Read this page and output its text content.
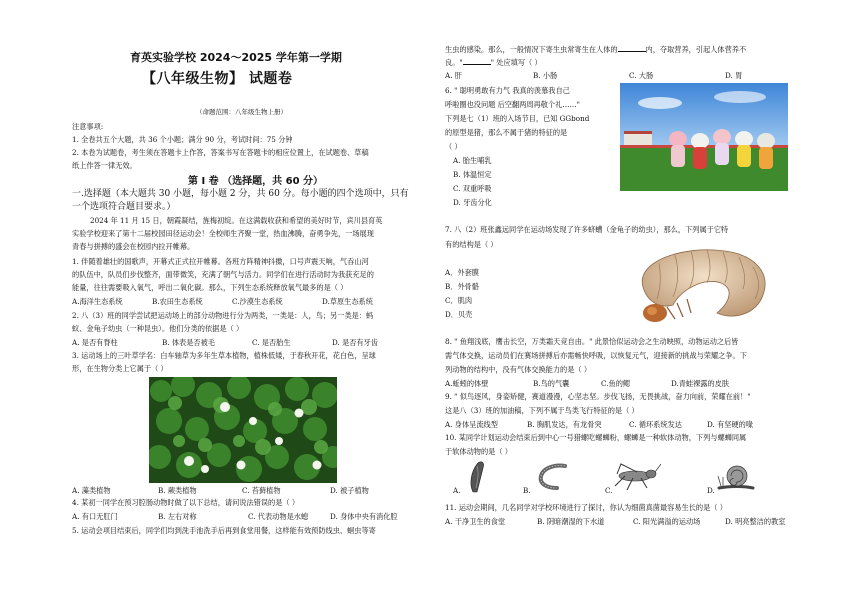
育英实验学校 2024～2025 学年第一学期
【八年级生物】 试题卷
（命题范围：八年级生物上册）
注意事项:
1. 全卷共五个大题，共 36 个小题；满分 90 分，考试时间：75 分钟
2. 本卷为试题卷，考生须在答题卡上作答，答案书写在答题卡的相应位置上，在试题卷、草稿
纸上作答一律无效。
第 I 卷 （选择题，共 60 分）
一.选择题（本大题共 30 小题，每小题 2 分，共 60 分。每小题的四个选项中，只有
一个选项符合题目要求。）
2024 年 11 月 15 日，朝霞凝结，旌梅初绽。在这满载收获和希望的美好时节，宾川县育英
实验学校迎来了第十二届校园田径运动会！全校师生齐聚一堂，热血沸腾，奋勇争先，一场展现
青春与拼搏的盛会在校园内拉开帷幕。
1. 伴随着雄壮的国歌声，开幕式正式拉开帷幕。各班方阵精神抖擞，口号声震天响，气吞山河
的队伍中，队员们步伐整齐，面带微笑，充满了朝气与活力。同学们在进行活动时为我获充足的
能量，往往需要吸入氧气，呼出二氧化碳。那么，下列生态系统释放氧气最多的是（ ）
A.海洋生态系统	B.农田生态系统	C.沙漠生态系统	D.草原生态系统
2. 八（3）班的同学尝试把运动场上的部分动物进行分为两类，一类是：人，鸟；另一类是：蚂
蚁、金龟子幼虫（一种昆虫）。他们分类的依据是（ ）
A. 是否有脊柱	B. 体表是否被毛	C. 是否胎生	D. 是否有牙齿
3. 运动场上的三叶草学名：白车轴草为多年生草本植物，植株低矮，于春秋开花，花白色，呈球
形，在生物分类上它属于（ ）
A. 藻类植物	B. 蕨类植物	C. 苔藓植物	D. 被子植物
4. 某初一同学在预习腔肠动物时做了以下总结，请问说法错误的是（ ）
A. 有口无肛门	B. 左右对称	C. 代表动物是水螅	D. 身体中央有消化腔
5. 运动会项目结束后，同学们均到洗手池洗手后再到食堂用餐，这样能有效预防线虫、蛔虫等寄
生虫的感染。那么，一般情况下寄生虫常寄生在人体的	内，夺取营养，引起人体营养不
良。"	" 处应填写（ ）
A. 肝	B. 小肠	C. 大肠	D. 胃
6. " 聪明勇敢有力气 我真的羡慕我自己
呼啦圈也没问题 后空翻两周再敬个礼……"
下列是七（1）班的入场节目，已知 GGbond
的原型是猪，那么不属于猪的特征的是
（ ）
A. 胎生哺乳
B. 体温恒定
C. 双重呼吸
D. 牙齿分化
7. 八（2）班张鑫远同学在运动场发现了许多蛴螬（金龟子的幼虫），那么，下列属于它特
有的结构是（ ）
A．外套膜
B．外骨骼
C．肌肉
D．贝壳
8. " 鱼翔浅底，鹰击长空，万类霜天竞自由。" 此景恰似运动会之生动映照，动物运动之后皆
需气体交换，运动员们在赛场拼搏后亦需畅快呼吸，以恢复元气，迎接新的挑战与荣耀之争。下
列动物的结构中，没有气体交换能力的是（ ）
A.蚯蚓的体壁	B.鸟的气囊	C.鱼的鳃	D.青蛙裸露的皮肤
9. " 似鸟逐风，身姿矫健，赛道漫漫，心坚志坚。步伐飞扬，无畏挑战，奋力向前，荣耀在前！"
这是八（3）班的加油稿，下列不属于鸟类飞行特征的是（ ）
A. 身体呈流线型	B. 胸肌发达，有龙骨突	C. 循环系统发达	D. 有坚硬的喙
10. 某同学计划运动会结束后到中心一号猎螺吃螺蛳粉，螺蛳是一种软体动物，下列与螺蛳同属
于软体动物的是（ ）
A.	B.	C.	D.
11. 运动会期间，几名同学对学校环境进行了探讨，你认为细菌真菌最容易生长的是（ ）
A. 干净卫生的食堂	B. 阴暗潮湿的下水道	C. 阳光满溢的运动场	D. 明亮整洁的教室
